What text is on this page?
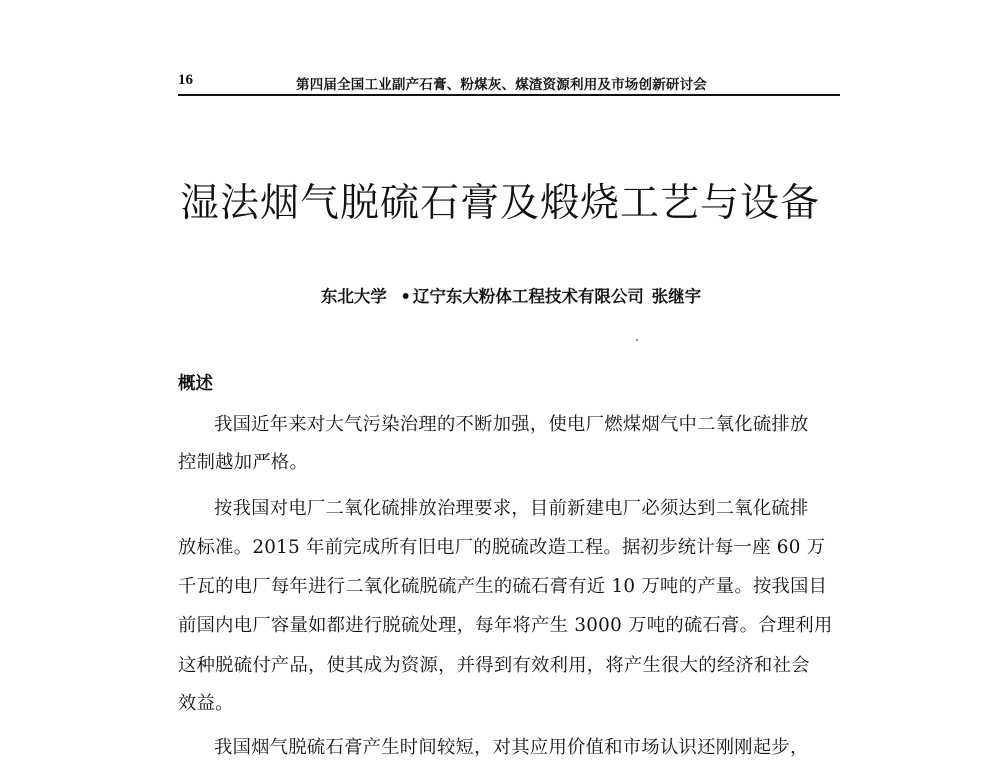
16	第四届全国工业副产石膏、粉煤灰、煤渣资源利用及市场创新研讨会
湿法烟气脱硫石膏及煅烧工艺与设备
东北大学 • 辽宁东大粉体工程技术有限公司 张继宇
概述
我国近年来对大气污染治理的不断加强，使电厂燃煤烟气中二氧化硫排放
控制越加严格。
按我国对电厂二氧化硫排放治理要求，目前新建电厂必须达到二氧化硫排
放标准。2015 年前完成所有旧电厂的脱硫改造工程。据初步统计每一座 60 万
千瓦的电厂每年进行二氧化硫脱硫产生的硫石膏有近 10 万吨的产量。按我国目
前国内电厂容量如都进行脱硫处理，每年将产生 3000 万吨的硫石膏。合理利用
这种脱硫付产品，使其成为资源，并得到有效利用，将产生很大的经济和社会
效益。
我国烟气脱硫石膏产生时间较短，对其应用价值和市场认识还刚刚起步，
